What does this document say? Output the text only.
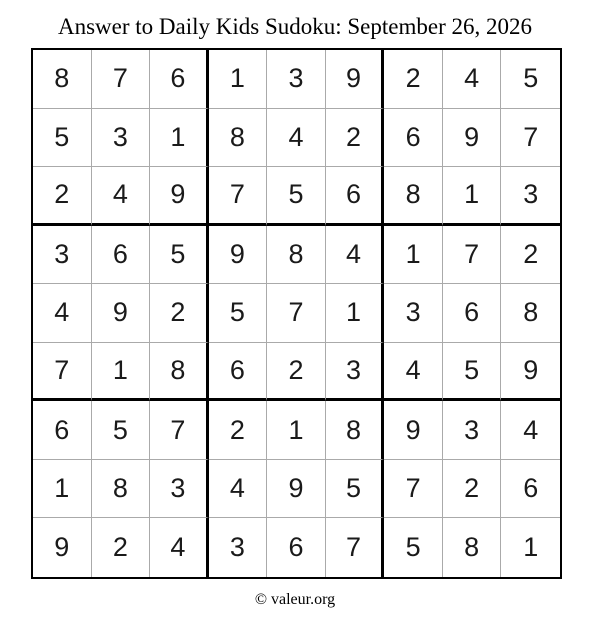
Answer to Daily Kids Sudoku: September 26, 2026
8	7	6	1	3	9	2	4	5
5	3	1	8	4	2	6	9	7
2	4	9	7	5	6	8	1	3
3	6	5	9	8	4	1	7	2
4	9	2	5	7	1	3	6	8
7	1	8	6	2	3	4	5	9
6	5	7	2	1	8	9	3	4
1	8	3	4	9	5	7	2	6
9	2	4	3	6	7	5	8	1
© valeur.org
